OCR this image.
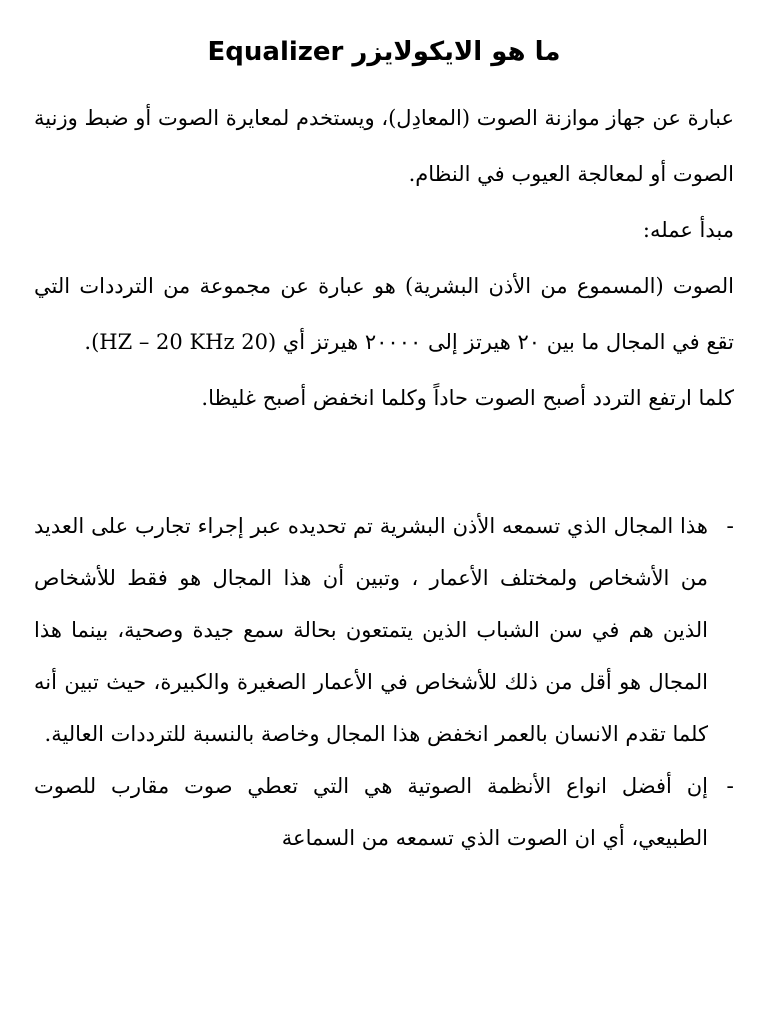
ما هو الايكولايزر Equalizer

عبارة عن جهاز موازنة الصوت (المعادِل)، ويستخدم لمعايرة الصوت أو ضبط وزنية الصوت أو لمعالجة العيوب في النظام.

مبدأ عمله:

الصوت (المسموع من الأذن البشرية) هو عبارة عن مجموعة من الترددات التي تقع في المجال ما بين ٢٠ هيرتز إلى ٢٠٠٠٠ هيرتز أي (20 HZ – 20 KHz).

كلما ارتفع التردد أصبح الصوت حاداً وكلما انخفض أصبح غليظا.

-
هذا المجال الذي تسمعه الأذن البشرية تم تحديده عبر إجراء تجارب على العديد من الأشخاص ولمختلف الأعمار ، وتبين أن هذا المجال هو فقط للأشخاص الذين هم في سن الشباب الذين يتمتعون بحالة سمع جيدة وصحية، بينما هذا المجال هو أقل من ذلك للأشخاص في الأعمار الصغيرة والكبيرة، حيث تبين أنه كلما تقدم الانسان بالعمر انخفض هذا المجال وخاصة بالنسبة للترددات العالية.
-
إن أفضل انواع الأنظمة الصوتية هي التي تعطي صوت مقارب للصوت الطبيعي، أي ان الصوت الذي تسمعه من السماعة
